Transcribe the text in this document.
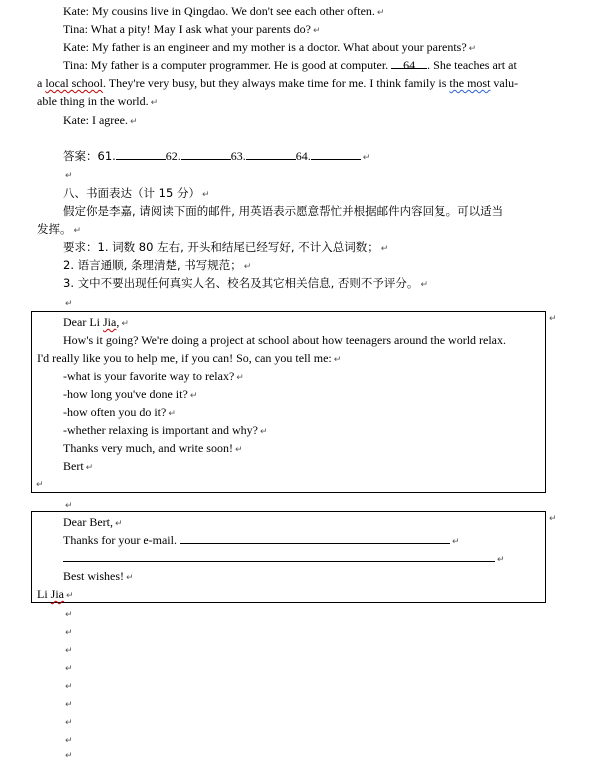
Kate: My cousins live in Qingdao. We don't see each other often. ↵
Tina: What a pity! May I ask what your parents do? ↵
Kate: My father is an engineer and my mother is a doctor. What about your parents? ↵
Tina: My father is a computer programmer. He is good at computer. 64 . She teaches art at
a local school. They're very busy, but they always make time for me. I think family is the most valu-
able thing in the world. ↵
Kate: I agree. ↵
答案：61.	62.	63.	64.	↵
↵
八、书面表达（计 15 分） ↵
假定你是李嘉, 请阅读下面的邮件, 用英语表示愿意帮忙并根据邮件内容回复。可以适当
发挥。 ↵
要求：1. 词数 80 左右, 开头和结尾已经写好, 不计入总词数； ↵
2. 语言通顺, 条理清楚, 书写规范； ↵
3. 文中不要出现任何真实人名、校名及其它相关信息, 否则不予评分。 ↵
↵
↵
Dear Li Jia, ↵
How's it going? We're doing a project at school about how teenagers around the world relax.
I'd really like you to help me, if you can! So, can you tell me: ↵
-what is your favorite way to relax? ↵
-how long you've done it? ↵
-how often you do it? ↵
-whether relaxing is important and why? ↵
Thanks very much, and write soon! ↵
Bert ↵
↵
↵
↵
Dear Bert, ↵
Thanks for your e-mail.	↵
↵
Best wishes! ↵
Li Jia ↵
↵
↵
↵
↵
↵
↵
↵
↵
↵
